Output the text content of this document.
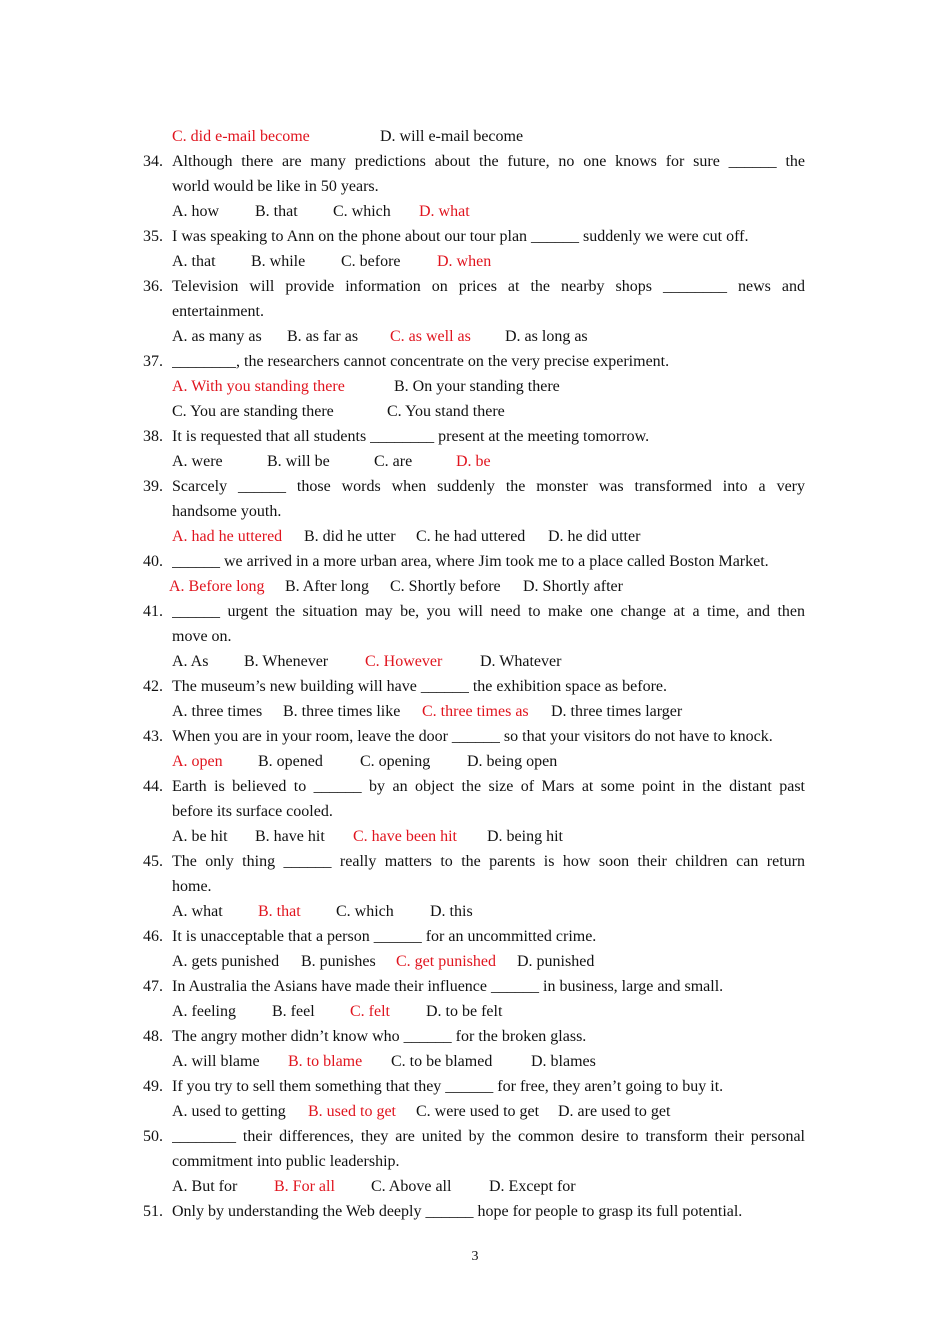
C. did e-mail become	D. will e-mail become
34. Although there are many predictions about the future, no one knows for sure ______ the
world would be like in 50 years.
A. how B. that C. which D. what
35. I was speaking to Ann on the phone about our tour plan ______ suddenly we were cut off.
A. that B. while C. before D. when
36. Television will provide information on prices at the nearby shops ________ news and
entertainment.
A. as many as B. as far as C. as well as D. as long as
37. ________, the researchers cannot concentrate on the very precise experiment.
A. With you standing there	B. On your standing there
C. You are standing there	C. You stand there
38. It is requested that all students ________ present at the meeting tomorrow.
A. were	B. will be	C. are	D. be
39. Scarcely ______ those words when suddenly the monster was transformed into a very
handsome youth.
A. had he uttered B. did he utter C. he had uttered D. he did utter
40. ______ we arrived in a more urban area, where Jim took me to a place called Boston Market.
A. Before long B. After long C. Shortly before D. Shortly after
41. ______ urgent the situation may be, you will need to make one change at a time, and then
move on.
A. As B. Whenever C. However D. Whatever
42. The museum’s new building will have ______ the exhibition space as before.
A. three times B. three times like C. three times as D. three times larger
43. When you are in your room, leave the door ______ so that your visitors do not have to knock.
A. open B. opened C. opening D. being open
44. Earth is believed to ______ by an object the size of Mars at some point in the distant past
before its surface cooled.
A. be hit B. have hit C. have been hit D. being hit
45. The only thing ______ really matters to the parents is how soon their children can return
home.
A. what B. that C. which D. this
46. It is unacceptable that a person ______ for an uncommitted crime.
A. gets punished B. punishes C. get punished D. punished
47. In Australia the Asians have made their influence ______ in business, large and small.
A. feeling B. feel C. felt D. to be felt
48. The angry mother didn’t know who ______ for the broken glass.
A. will blame B. to blame C. to be blamed D. blames
49. If you try to sell them something that they ______ for free, they aren’t going to buy it.
A. used to getting B. used to get C. were used to get D. are used to get
50. ________ their differences, they are united by the common desire to transform their personal
commitment into public leadership.
A. But for B. For all C. Above all D. Except for
51. Only by understanding the Web deeply ______ hope for people to grasp its full potential.
3
